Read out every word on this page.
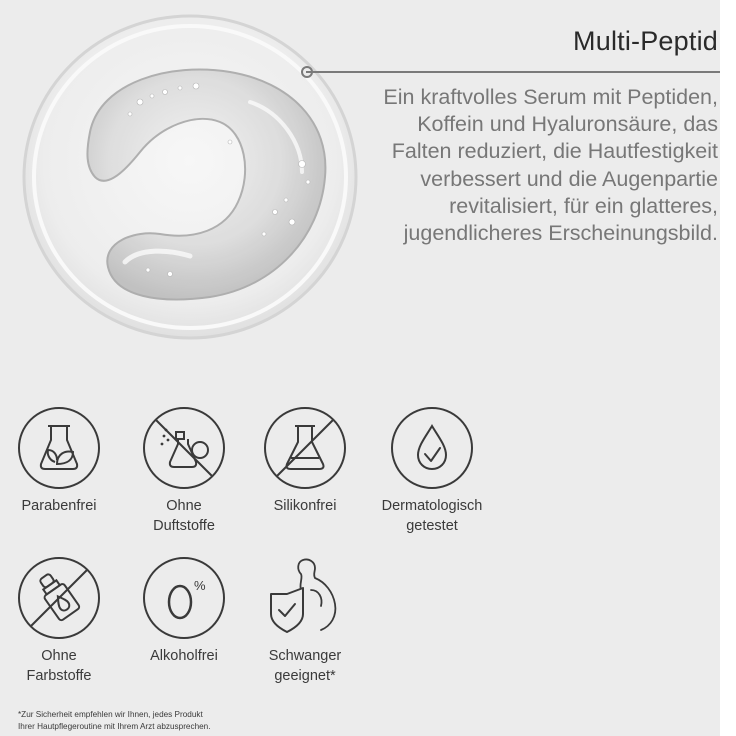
Multi-Peptid
Ein kraftvolles Serum mit Peptiden, Koffein und Hyaluronsäure, das Falten reduziert, die Hautfestigkeit verbessert und die Augenpartie revitalisiert, für ein glatteres, jugendlicheres Erscheinungsbild.
Parabenfrei	Ohne
Duftstoffe
Silikonfrei	Dermatologisch
getestet
Ohne
Farbstoffe
%
Alkoholfrei	Schwanger
geeignet*
*Zur Sicherheit empfehlen wir Ihnen, jedes Produkt
Ihrer Hautpflegeroutine mit Ihrem Arzt abzusprechen.
